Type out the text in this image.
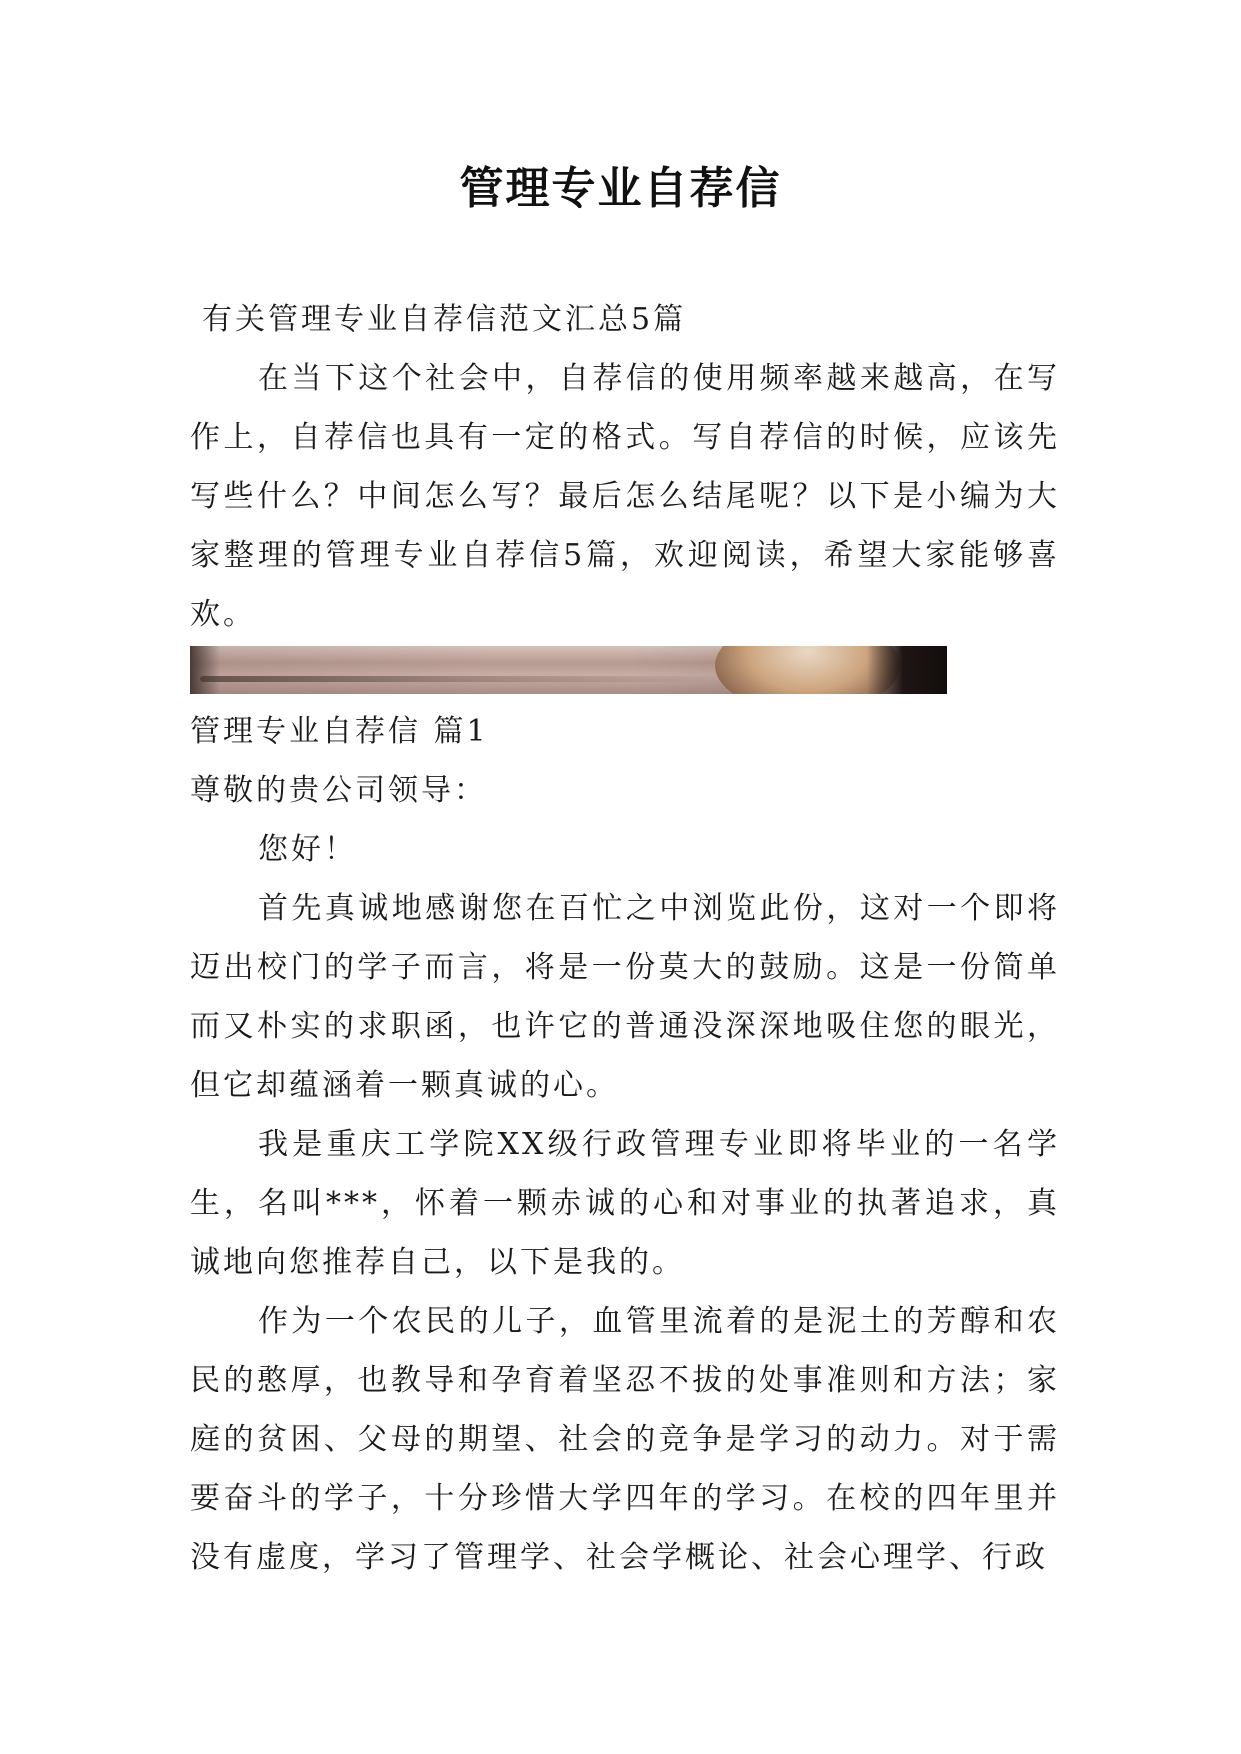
管理专业自荐信

有关管理专业自荐信范文汇总5篇

在当下这个社会中，自荐信的使用频率越来越高，在写作上，自荐信也具有一定的格式。写自荐信的时候，应该先写些什么？中间怎么写？最后怎么结尾呢？以下是小编为大家整理的管理专业自荐信5篇，欢迎阅读，希望大家能够喜欢。

管理专业自荐信 篇1

尊敬的贵公司领导：

您好！

首先真诚地感谢您在百忙之中浏览此份，这对一个即将迈出校门的学子而言，将是一份莫大的鼓励。这是一份简单而又朴实的求职函，也许它的普通没深深地吸住您的眼光，但它却蕴涵着一颗真诚的心。

我是重庆工学院XX级行政管理专业即将毕业的一名学生，名叫***，怀着一颗赤诚的心和对事业的执著追求，真诚地向您推荐自己，以下是我的。

作为一个农民的儿子，血管里流着的是泥土的芳醇和农民的憨厚，也教导和孕育着坚忍不拔的处事准则和方法；家庭的贫困、父母的期望、社会的竞争是学习的动力。对于需要奋斗的学子，十分珍惜大学四年的学习。在校的四年里并没有虚度，学习了管理学、社会学概论、社会心理学、行政
